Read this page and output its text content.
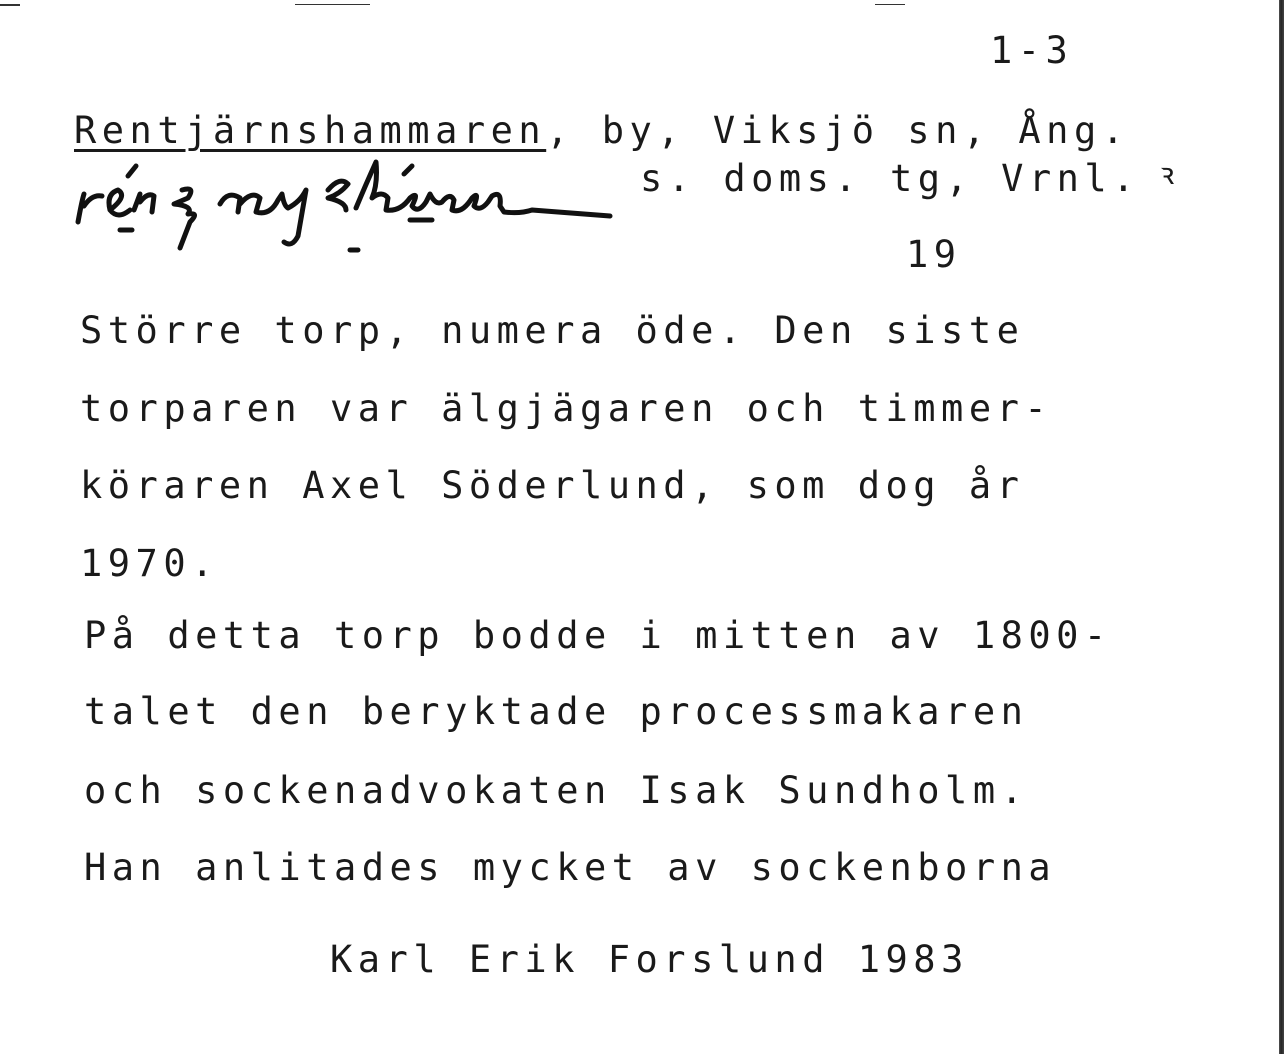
1-3
Rentjärnshammaren, by, Viksjö sn, Ång.
s. doms. tg, Vrnl. ꝛ
19
Större torp, numera öde. Den siste
torparen var älgjägaren och timmer-
köraren Axel Söderlund, som dog år
1970.
På detta torp bodde i mitten av 1800-
talet den beryktade processmakaren
och sockenadvokaten Isak Sundholm.
Han anlitades mycket av sockenborna
Karl Erik Forslund 1983
